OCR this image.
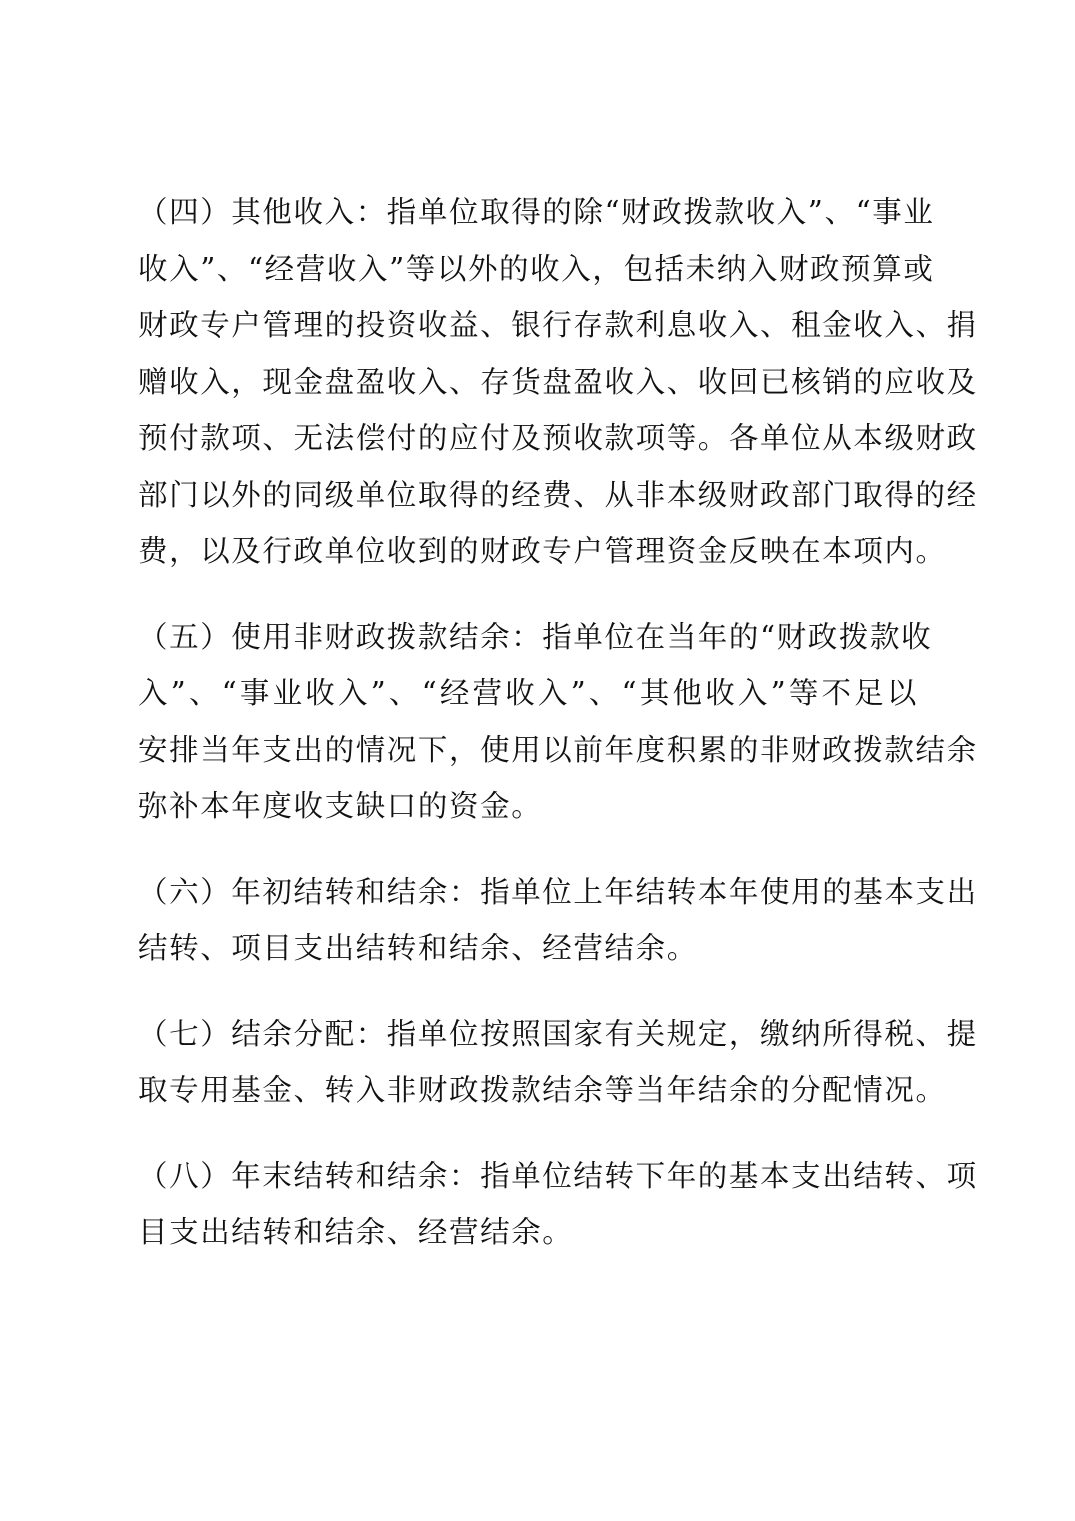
（四）其他收入：指单位取得的除“财政拨款收入”、“事业
收入”、“经营收入”等以外的收入，包括未纳入财政预算或
财政专户管理的投资收益、银行存款利息收入、租金收入、捐
赠收入，现金盘盈收入、存货盘盈收入、收回已核销的应收及
预付款项、无法偿付的应付及预收款项等。各单位从本级财政
部门以外的同级单位取得的经费、从非本级财政部门取得的经
费，以及行政单位收到的财政专户管理资金反映在本项内。

（五）使用非财政拨款结余：指单位在当年的“财政拨款收
入”、“事业收入”、“经营收入”、“其他收入”等不足以
安排当年支出的情况下，使用以前年度积累的非财政拨款结余
弥补本年度收支缺口的资金。

（六）年初结转和结余：指单位上年结转本年使用的基本支出
结转、项目支出结转和结余、经营结余。

（七）结余分配：指单位按照国家有关规定，缴纳所得税、提
取专用基金、转入非财政拨款结余等当年结余的分配情况。

（八）年末结转和结余：指单位结转下年的基本支出结转、项
目支出结转和结余、经营结余。
